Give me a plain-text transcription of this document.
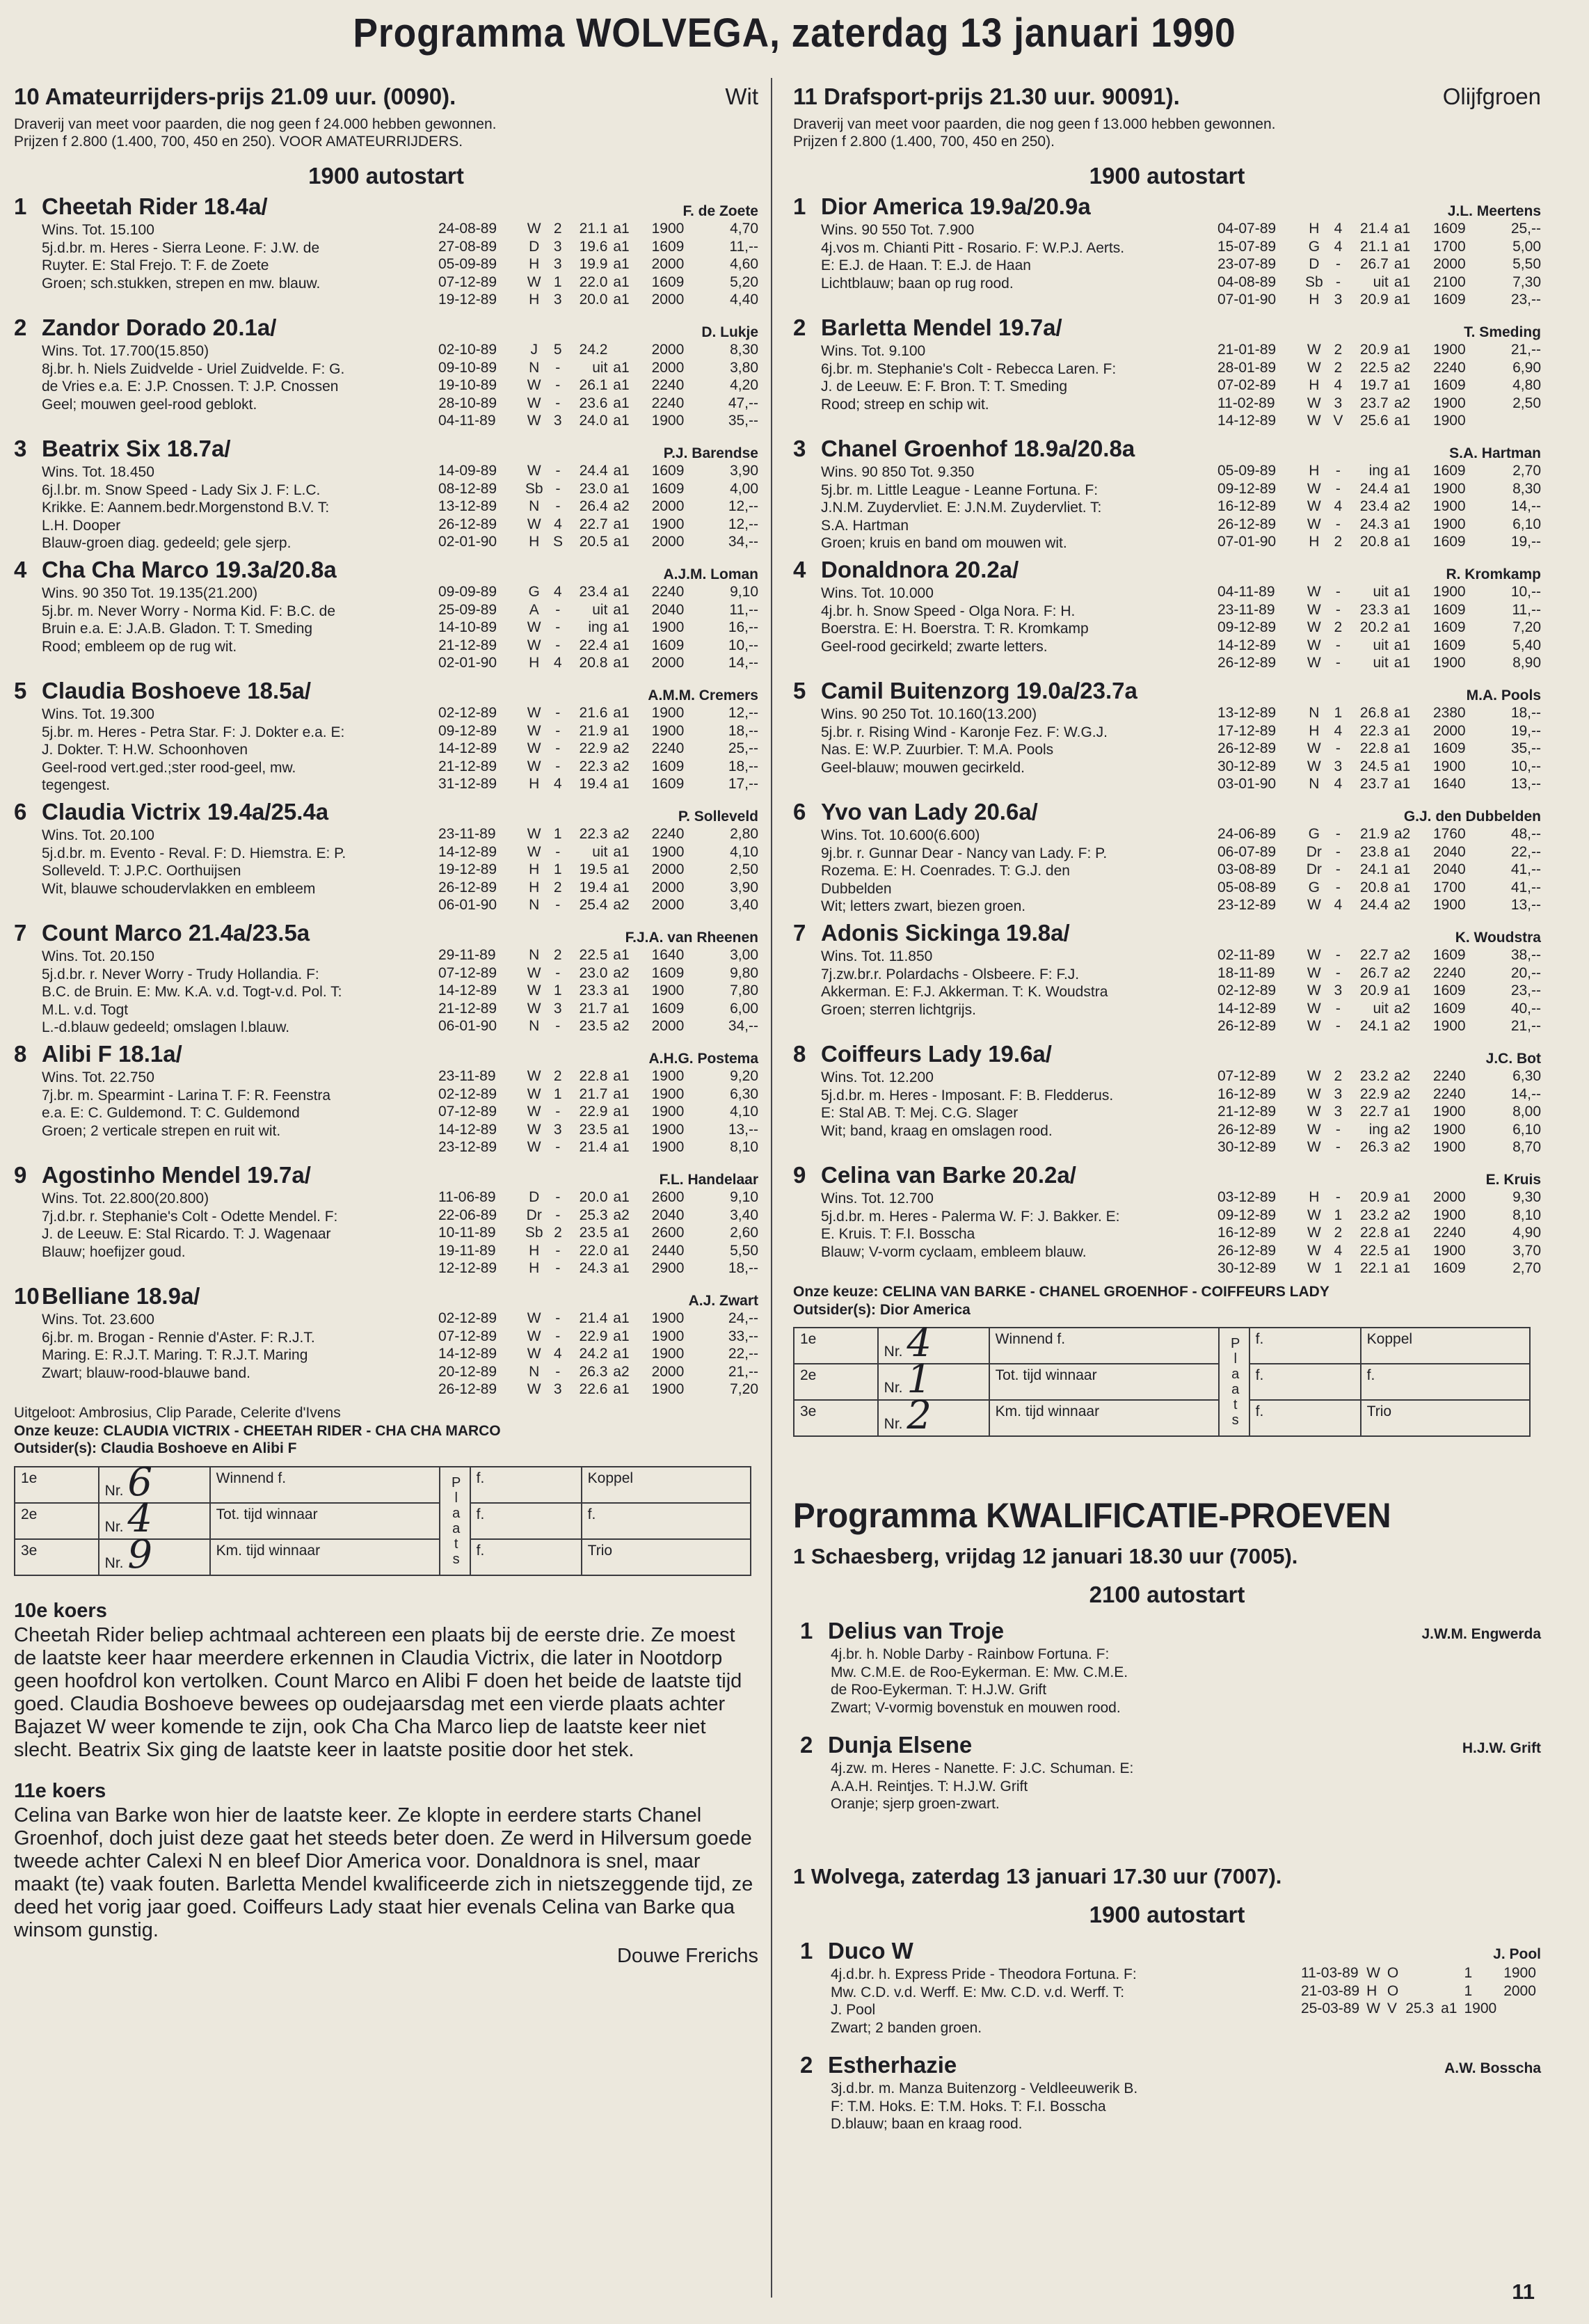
Programma WOLVEGA, zaterdag 13 januari 1990
10 Amateurrijders-prijs 21.09 uur. (0090).	Wit
Draverij van meet voor paarden, die nog geen f 24.000 hebben gewonnen.
Prijzen f 2.800 (1.400, 700, 450 en 250). VOOR AMATEURRIJDERS.
1900 autostart
1 Cheetah Rider 18.4a/	F. de Zoete
Wins. Tot. 15.100
5j.d.br. m. Heres - Sierra Leone. F: J.W. de
Ruyter. E: Stal Frejo. T: F. de Zoete
Groen; sch.stukken, strepen en mw. blauw.
24-08-89	W	2	21.1	a1	1900	4,70
27-08-89	D	3	19.6	a1	1609	11,--
05-09-89	H	3	19.9	a1	2000	4,60
07-12-89	W	1	22.0	a1	1609	5,20
19-12-89	H	3	20.0	a1	2000	4,40
2 Zandor Dorado 20.1a/	D. Lukje
Wins. Tot. 17.700(15.850)
8j.br. h. Niels Zuidvelde - Uriel Zuidvelde. F: G.
de Vries e.a. E: J.P. Cnossen. T: J.P. Cnossen
Geel; mouwen geel-rood geblokt.
02-10-89	J	5	24.2		2000	8,30
09-10-89	N	-	uit	a1	2000	3,80
19-10-89	W	-	26.1	a1	2240	4,20
28-10-89	W	-	23.6	a1	2240	47,--
04-11-89	W	3	24.0	a1	1900	35,--
3 Beatrix Six 18.7a/	P.J. Barendse
Wins. Tot. 18.450
6j.l.br. m. Snow Speed - Lady Six J. F: L.C.
Krikke. E: Aannem.bedr.Morgenstond B.V. T:
L.H. Dooper
Blauw-groen diag. gedeeld; gele sjerp.
14-09-89	W	-	24.4	a1	1609	3,90
08-12-89	Sb	-	23.0	a1	1609	4,00
13-12-89	N	-	26.4	a2	2000	12,--
26-12-89	W	4	22.7	a1	1900	12,--
02-01-90	H	S	20.5	a1	2000	34,--
4 Cha Cha Marco 19.3a/20.8a	A.J.M. Loman
Wins. 90 350 Tot. 19.135(21.200)
5j.br. m. Never Worry - Norma Kid. F: B.C. de
Bruin e.a. E: J.A.B. Gladon. T: T. Smeding
Rood; embleem op de rug wit.
09-09-89	G	4	23.4	a1	2240	9,10
25-09-89	A	-	uit	a1	2040	11,--
14-10-89	W	-	ing	a1	1900	16,--
21-12-89	W	-	22.4	a1	1609	10,--
02-01-90	H	4	20.8	a1	2000	14,--
5 Claudia Boshoeve 18.5a/	A.M.M. Cremers
Wins. Tot. 19.300
5j.br. m. Heres - Petra Star. F: J. Dokter e.a. E:
J. Dokter. T: H.W. Schoonhoven
Geel-rood vert.ged.;ster rood-geel, mw.
tegengest.
02-12-89	W	-	21.6	a1	1900	12,--
09-12-89	W	-	21.9	a1	1900	18,--
14-12-89	W	-	22.9	a2	2240	25,--
21-12-89	W	-	22.3	a2	1609	18,--
31-12-89	H	4	19.4	a1	1609	17,--
6 Claudia Victrix 19.4a/25.4a	P. Solleveld
Wins. Tot. 20.100
5j.d.br. m. Evento - Reval. F: D. Hiemstra. E: P.
Solleveld. T: J.P.C. Oorthuijsen
Wit, blauwe schoudervlakken en embleem
23-11-89	W	1	22.3	a2	2240	2,80
14-12-89	W	-	uit	a1	1900	4,10
19-12-89	H	1	19.5	a1	2000	2,50
26-12-89	H	2	19.4	a1	2000	3,90
06-01-90	N	-	25.4	a2	2000	3,40
7 Count Marco 21.4a/23.5a	F.J.A. van Rheenen
Wins. Tot. 20.150
5j.d.br. r. Never Worry - Trudy Hollandia. F:
B.C. de Bruin. E: Mw. K.A. v.d. Togt-v.d. Pol. T:
M.L. v.d. Togt
L.-d.blauw gedeeld; omslagen l.blauw.
29-11-89	N	2	22.5	a1	1640	3,00
07-12-89	W	-	23.0	a2	1609	9,80
14-12-89	W	1	23.3	a1	1900	7,80
21-12-89	W	3	21.7	a1	1609	6,00
06-01-90	N	-	23.5	a2	2000	34,--
8 Alibi F 18.1a/	A.H.G. Postema
Wins. Tot. 22.750
7j.br. m. Spearmint - Larina T. F: R. Feenstra
e.a. E: C. Guldemond. T: C. Guldemond
Groen; 2 verticale strepen en ruit wit.
23-11-89	W	2	22.8	a1	1900	9,20
02-12-89	W	1	21.7	a1	1900	6,30
07-12-89	W	-	22.9	a1	1900	4,10
14-12-89	W	3	23.5	a1	1900	13,--
23-12-89	W	-	21.4	a1	1900	8,10
9 Agostinho Mendel 19.7a/	F.L. Handelaar
Wins. Tot. 22.800(20.800)
7j.d.br. r. Stephanie's Colt - Odette Mendel. F:
J. de Leeuw. E: Stal Ricardo. T: J. Wagenaar
Blauw; hoefijzer goud.
11-06-89	D	-	20.0	a1	2600	9,10
22-06-89	Dr	-	25.3	a2	2040	3,40
10-11-89	Sb	2	23.5	a1	2600	2,60
19-11-89	H	-	22.0	a1	2440	5,50
12-12-89	H	-	24.3	a1	2900	18,--
10Belliane 18.9a/	A.J. Zwart
Wins. Tot. 23.600
6j.br. m. Brogan - Rennie d'Aster. F: R.J.T.
Maring. E: R.J.T. Maring. T: R.J.T. Maring
Zwart; blauw-rood-blauwe band.
02-12-89	W	-	21.4	a1	1900	24,--
07-12-89	W	-	22.9	a1	1900	33,--
14-12-89	W	4	24.2	a1	1900	22,--
20-12-89	N	-	26.3	a2	2000	21,--
26-12-89	W	3	22.6	a1	1900	7,20
Uitgeloot: Ambrosius, Clip Parade, Celerite d'Ivens
Onze keuze: CLAUDIA VICTRIX - CHEETAH RIDER - CHA CHA MARCO
Outsider(s): Claudia Boshoeve en Alibi F
1e	Nr. 6	Winnend f.	Plaats	f.	Koppel
2e	Nr. 4	Tot. tijd winnaar		f.	f.
3e	Nr. 9	Km. tijd winnaar		f.	Trio
10e koers

Cheetah Rider beliep achtmaal achtereen een plaats bij de eerste drie. Ze moest de laatste keer haar meerdere erkennen in Claudia Victrix, die later in Nootdorp geen hoofdrol kon vertolken. Count Marco en Alibi F doen het beide de laatste tijd goed. Claudia Boshoeve bewees op oudejaarsdag met een vierde plaats achter Bajazet W weer komende te zijn, ook Cha Cha Marco liep de laatste keer niet slecht. Beatrix Six ging de laatste keer in laatste positie door het stek.

11e koers

Celina van Barke won hier de laatste keer. Ze klopte in eerdere starts Chanel Groenhof, doch juist deze gaat het steeds beter doen. Ze werd in Hilversum goede tweede achter Calexi N en bleef Dior America voor. Donaldnora is snel, maar maakt (te) vaak fouten. Barletta Mendel kwalificeerde zich in nietszeggende tijd, ze deed het vorig jaar goed. Coiffeurs Lady staat hier evenals Celina van Barke qua winsom gunstig.

Douwe Frerichs
11 Drafsport-prijs 21.30 uur. 90091).	Olijfgroen
Draverij van meet voor paarden, die nog geen f 13.000 hebben gewonnen.
Prijzen f 2.800 (1.400, 700, 450 en 250).
1900 autostart
1 Dior America 19.9a/20.9a	J.L. Meertens
Wins. 90 550 Tot. 7.900
4j.vos m. Chianti Pitt - Rosario. F: W.P.J. Aerts.
E: E.J. de Haan. T: E.J. de Haan
Lichtblauw; baan op rug rood.
04-07-89	H	4	21.4	a1	1609	25,--
15-07-89	G	4	21.1	a1	1700	5,00
23-07-89	D	-	26.7	a1	2000	5,50
04-08-89	Sb	-	uit	a1	2100	7,30
07-01-90	H	3	20.9	a1	1609	23,--
2 Barletta Mendel 19.7a/	T. Smeding
Wins. Tot. 9.100
6j.br. m. Stephanie's Colt - Rebecca Laren. F:
J. de Leeuw. E: F. Bron. T: T. Smeding
Rood; streep en schip wit.
21-01-89	W	2	20.9	a1	1900	21,--
28-01-89	W	2	22.5	a2	2240	6,90
07-02-89	H	4	19.7	a1	1609	4,80
11-02-89	W	3	23.7	a2	1900	2,50
14-12-89	W	V	25.6	a1	1900	
3 Chanel Groenhof 18.9a/20.8a	S.A. Hartman
Wins. 90 850 Tot. 9.350
5j.br. m. Little League - Leanne Fortuna. F:
J.N.M. Zuydervliet. E: J.N.M. Zuydervliet. T:
S.A. Hartman
Groen; kruis en band om mouwen wit.
05-09-89	H	-	ing	a1	1609	2,70
09-12-89	W	-	24.4	a1	1900	8,30
16-12-89	W	4	23.4	a2	1900	14,--
26-12-89	W	-	24.3	a1	1900	6,10
07-01-90	H	2	20.8	a1	1609	19,--
4 Donaldnora 20.2a/	R. Kromkamp
Wins. Tot. 10.000
4j.br. h. Snow Speed - Olga Nora. F: H.
Boerstra. E: H. Boerstra. T: R. Kromkamp
Geel-rood gecirkeld; zwarte letters.
04-11-89	W	-	uit	a1	1900	10,--
23-11-89	W	-	23.3	a1	1609	11,--
09-12-89	W	2	20.2	a1	1609	7,20
14-12-89	W	-	uit	a1	1609	5,40
26-12-89	W	-	uit	a1	1900	8,90
5 Camil Buitenzorg 19.0a/23.7a	M.A. Pools
Wins. 90 250 Tot. 10.160(13.200)
5j.br. r. Rising Wind - Karonje Fez. F: W.G.J.
Nas. E: W.P. Zuurbier. T: M.A. Pools
Geel-blauw; mouwen gecirkeld.
13-12-89	N	1	26.8	a1	2380	18,--
17-12-89	H	4	22.3	a1	2000	19,--
26-12-89	W	-	22.8	a1	1609	35,--
30-12-89	W	3	24.5	a1	1900	10,--
03-01-90	N	4	23.7	a1	1640	13,--
6 Yvo van Lady 20.6a/	G.J. den Dubbelden
Wins. Tot. 10.600(6.600)
9j.br. r. Gunnar Dear - Nancy van Lady. F: P.
Rozema. E: H. Coenrades. T: G.J. den
Dubbelden
Wit; letters zwart, biezen groen.
24-06-89	G	-	21.9	a2	1760	48,--
06-07-89	Dr	-	23.8	a1	2040	22,--
03-08-89	Dr	-	24.1	a1	2040	41,--
05-08-89	G	-	20.8	a1	1700	41,--
23-12-89	W	4	24.4	a2	1900	13,--
7 Adonis Sickinga 19.8a/	K. Woudstra
Wins. Tot. 11.850
7j.zw.br.r. Polardachs - Olsbeere. F: F.J.
Akkerman. E: F.J. Akkerman. T: K. Woudstra
Groen; sterren lichtgrijs.
02-11-89	W	-	22.7	a2	1609	38,--
18-11-89	W	-	26.7	a2	2240	20,--
02-12-89	W	3	20.9	a1	1609	23,--
14-12-89	W	-	uit	a2	1609	40,--
26-12-89	W	-	24.1	a2	1900	21,--
8 Coiffeurs Lady 19.6a/	J.C. Bot
Wins. Tot. 12.200
5j.d.br. m. Heres - Imposant. F: B. Fledderus.
E: Stal AB. T: Mej. C.G. Slager
Wit; band, kraag en omslagen rood.
07-12-89	W	2	23.2	a2	2240	6,30
16-12-89	W	3	22.9	a2	2240	14,--
21-12-89	W	3	22.7	a1	1900	8,00
26-12-89	W	-	ing	a2	1900	6,10
30-12-89	W	-	26.3	a2	1900	8,70
9 Celina van Barke 20.2a/	E. Kruis
Wins. Tot. 12.700
5j.d.br. m. Heres - Palerma W. F: J. Bakker. E:
E. Kruis. T: F.I. Bosscha
Blauw; V-vorm cyclaam, embleem blauw.
03-12-89	H	-	20.9	a1	2000	9,30
09-12-89	W	1	23.2	a2	1900	8,10
16-12-89	W	2	22.8	a1	2240	4,90
26-12-89	W	4	22.5	a1	1900	3,70
30-12-89	W	1	22.1	a1	1609	2,70
Onze keuze: CELINA VAN BARKE - CHANEL GROENHOF - COIFFEURS LADY
Outsider(s): Dior America
1e	Nr. 4	Winnend f.	Plaats	f.	Koppel
2e	Nr. 1	Tot. tijd winnaar		f.	f.
3e	Nr. 2	Km. tijd winnaar		f.	Trio
Programma KWALIFICATIE-PROEVEN
1 Schaesberg, vrijdag 12 januari 18.30 uur (7005).
2100 autostart
1 Delius van Troje	J.W.M. Engwerda
4j.br. h. Noble Darby - Rainbow Fortuna. F:
Mw. C.M.E. de Roo-Eykerman. E: Mw. C.M.E.
de Roo-Eykerman. T: H.J.W. Grift
Zwart; V-vormig bovenstuk en mouwen rood.
2 Dunja Elsene	H.J.W. Grift
4j.zw. m. Heres - Nanette. F: J.C. Schuman. E:
A.A.H. Reintjes. T: H.J.W. Grift
Oranje; sjerp groen-zwart.
1 Wolvega, zaterdag 13 januari 17.30 uur (7007).
1900 autostart
1 Duco W	J. Pool
4j.d.br. h. Express Pride - Theodora Fortuna. F:
Mw. C.D. v.d. Werff. E: Mw. C.D. v.d. Werff. T:
J. Pool
Zwart; 2 banden groen.
11-03-89	W	O			1	1900
21-03-89	H	O			1	2000
25-03-89	W	V	25.3	a1	1900	
2 Estherhazie	A.W. Bosscha
3j.d.br. m. Manza Buitenzorg - Veldleeuwerik B.
F: T.M. Hoks. E: T.M. Hoks. T: F.I. Bosscha
D.blauw; baan en kraag rood.
11
